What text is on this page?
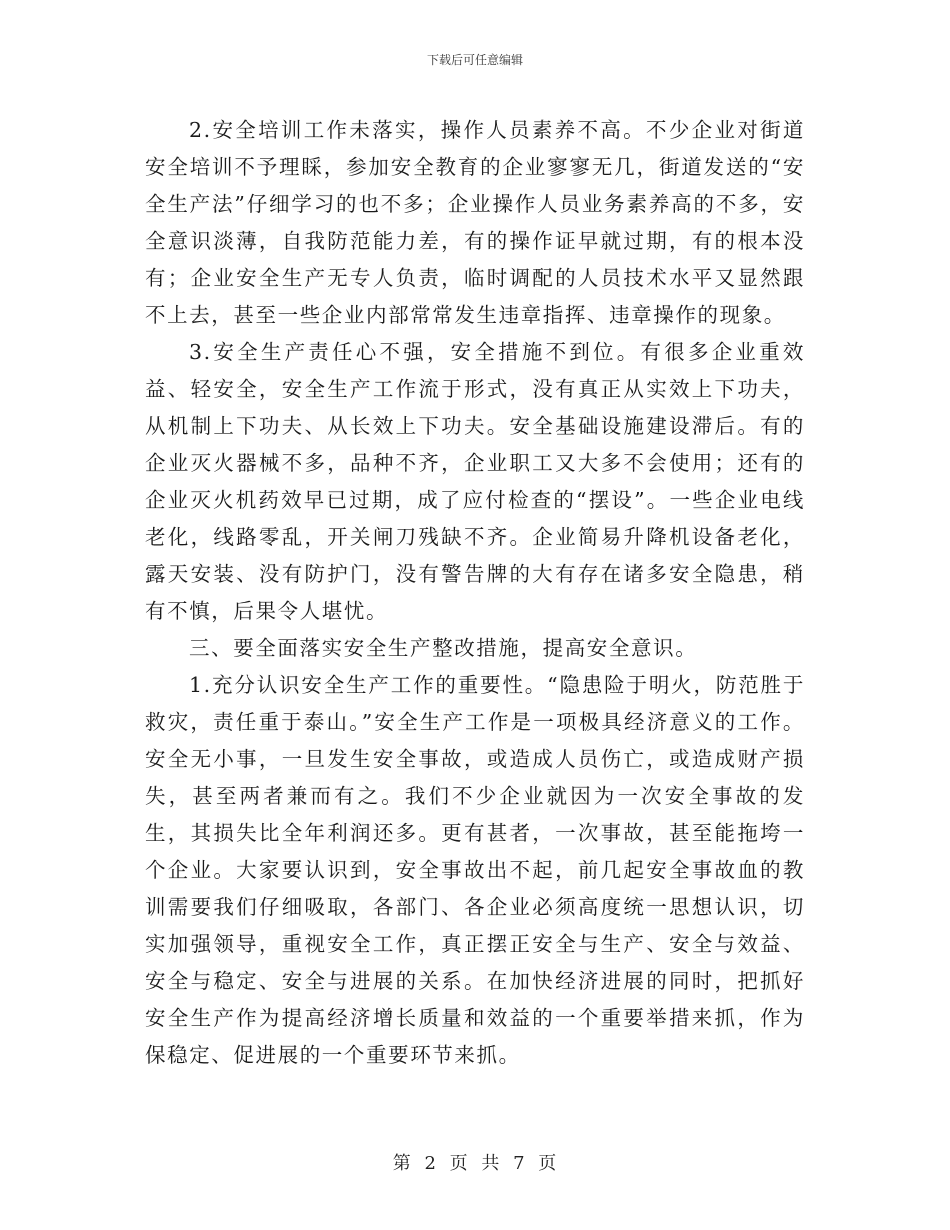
下载后可任意编辑

2.安全培训工作未落实，操作人员素养不高。不少企业对街道安全培训不予理睬，参加安全教育的企业寥寥无几，街道发送的“安全生产法”仔细学习的也不多；企业操作人员业务素养高的不多，安全意识淡薄，自我防范能力差，有的操作证早就过期，有的根本没有；企业安全生产无专人负责，临时调配的人员技术水平又显然跟不上去，甚至一些企业内部常常发生违章指挥、违章操作的现象。

3.安全生产责任心不强，安全措施不到位。有很多企业重效益、轻安全，安全生产工作流于形式，没有真正从实效上下功夫，从机制上下功夫、从长效上下功夫。安全基础设施建设滞后。有的企业灭火器械不多，品种不齐，企业职工又大多不会使用；还有的企业灭火机药效早已过期，成了应付检查的“摆设”。一些企业电线老化，线路零乱，开关闸刀残缺不齐。企业简易升降机设备老化，露天安装、没有防护门，没有警告牌的大有存在诸多安全隐患，稍有不慎，后果令人堪忧。

三、要全面落实安全生产整改措施，提高安全意识。

1.充分认识安全生产工作的重要性。“隐患险于明火，防范胜于救灾，责任重于泰山。”安全生产工作是一项极具经济意义的工作。安全无小事，一旦发生安全事故，或造成人员伤亡，或造成财产损失，甚至两者兼而有之。我们不少企业就因为一次安全事故的发生，其损失比全年利润还多。更有甚者，一次事故，甚至能拖垮一个企业。大家要认识到，安全事故出不起，前几起安全事故血的教训需要我们仔细吸取，各部门、各企业必须高度统一思想认识，切实加强领导，重视安全工作，真正摆正安全与生产、安全与效益、安全与稳定、安全与进展的关系。在加快经济进展的同时，把抓好安全生产作为提高经济增长质量和效益的一个重要举措来抓，作为保稳定、促进展的一个重要环节来抓。

第 2 页 共 7 页
